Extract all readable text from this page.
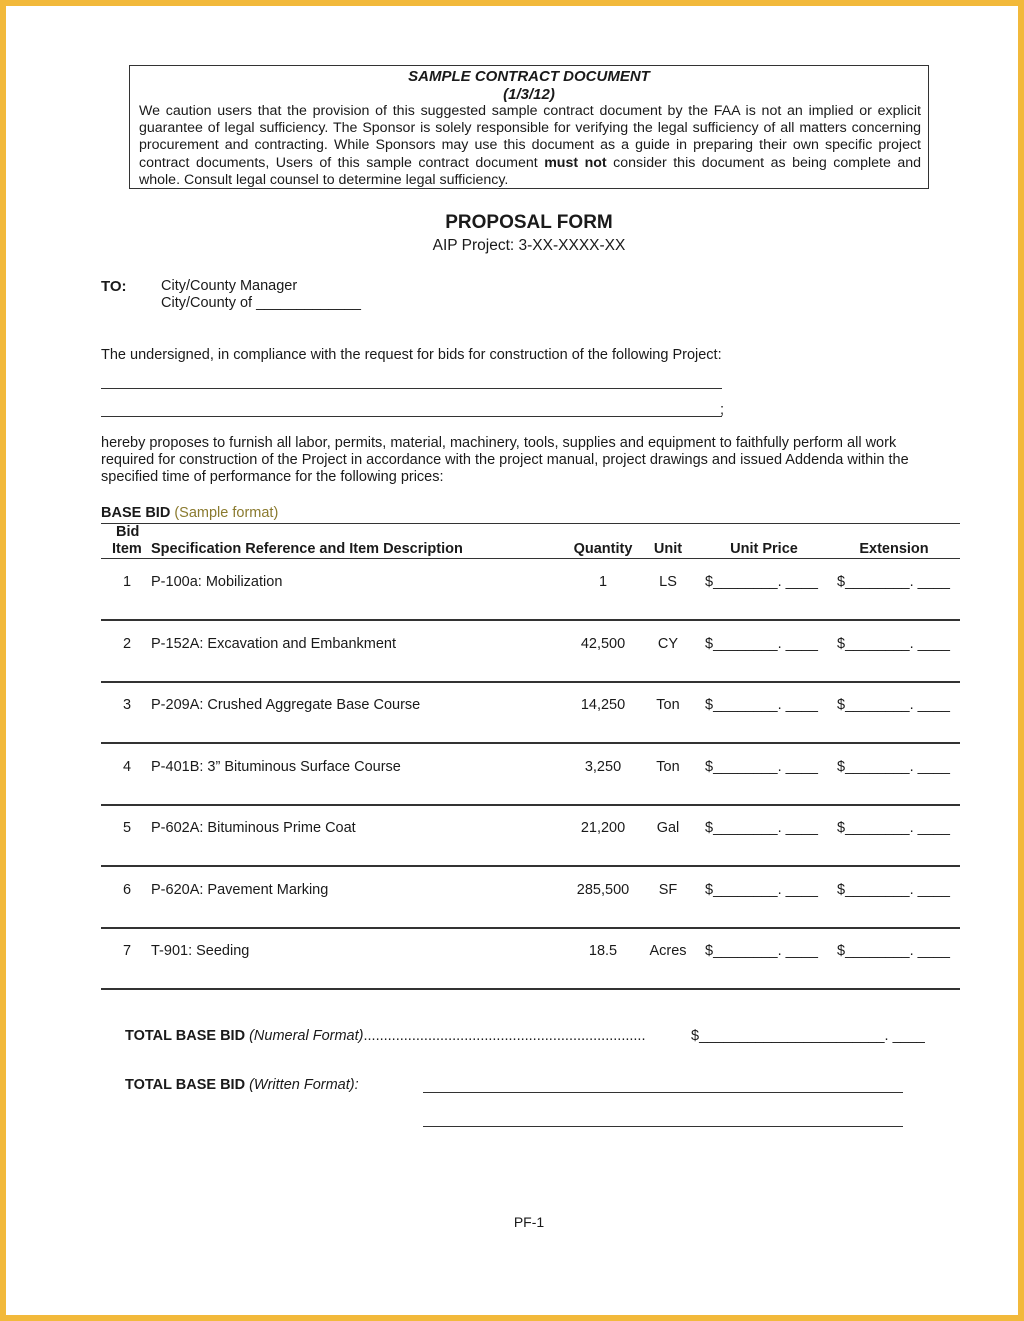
SAMPLE CONTRACT DOCUMENT
(1/3/12)
We caution users that the provision of this suggested sample contract document by the FAA is not an implied or explicit guarantee of legal sufficiency. The Sponsor is solely responsible for verifying the legal sufficiency of all matters concerning procurement and contracting. While Sponsors may use this document as a guide in preparing their own specific project contract documents, Users of this sample contract document must not consider this document as being complete and whole. Consult legal counsel to determine legal sufficiency.
PROPOSAL FORM
AIP Project: 3-XX-XXXX-XX
TO: City/County Manager
City/County of _____________
The undersigned, in compliance with the request for bids for construction of the following Project:
;
hereby proposes to furnish all labor, permits, material, machinery, tools, supplies and equipment to faithfully perform all work required for construction of the Project in accordance with the project manual, project drawings and issued Addenda within the specified time of performance for the following prices:
BASE BID (Sample format)
Bid
Item Specification Reference and Item Description	Quantity	Unit	Unit Price	Extension
1	P-100a: Mobilization	1	LS	$________. ____ $________. ____
2	P-152A: Excavation and Embankment	42,500	CY	$________. ____ $________. ____
3	P-209A: Crushed Aggregate Base Course	14,250	Ton	$________. ____ $________. ____
4	P-401B: 3” Bituminous Surface Course	3,250	Ton	$________. ____ $________. ____
5	P-602A: Bituminous Prime Coat	21,200	Gal	$________. ____ $________. ____
6	P-620A: Pavement Marking	285,500	SF	$________. ____ $________. ____
7	T-901: Seeding	18.5	Acres	$________. ____ $________. ____
TOTAL BASE BID (Numeral Format)......................................................................	$_______________________. ____
TOTAL BASE BID (Written Format):
PF-1
